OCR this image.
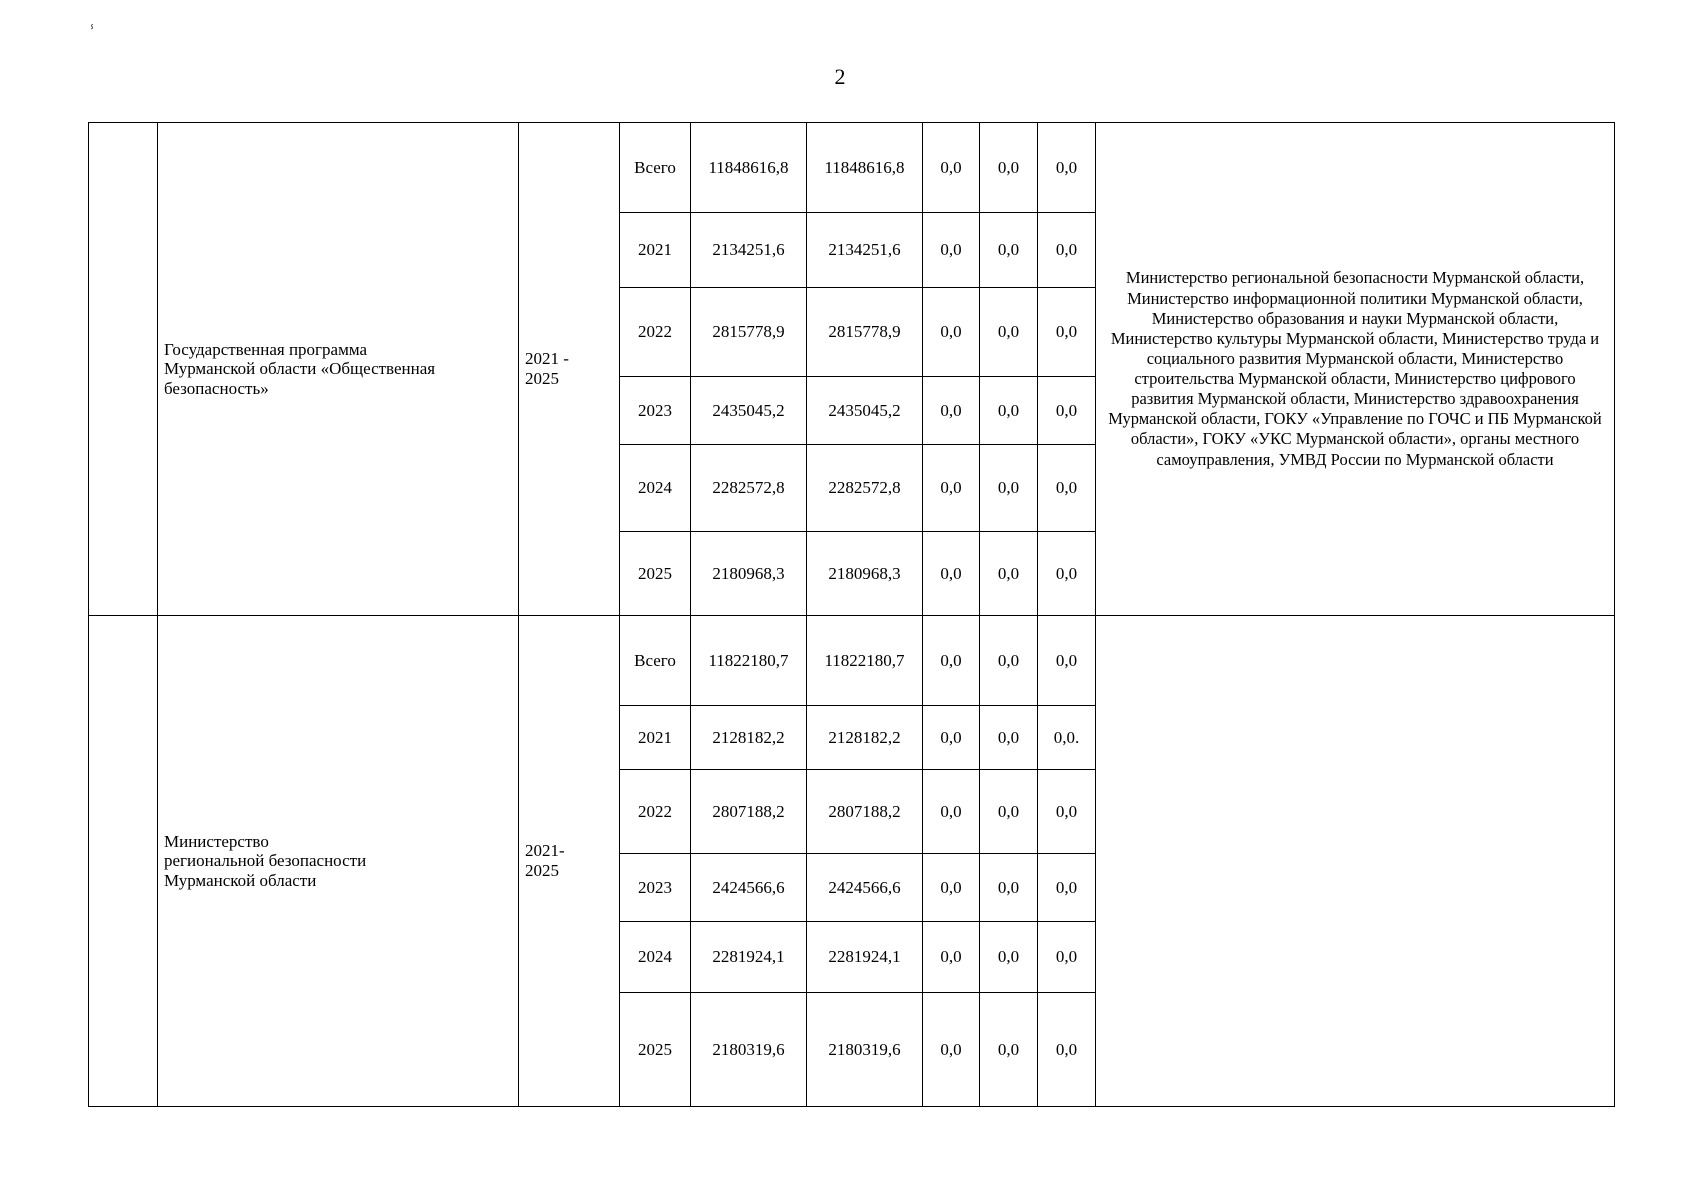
2
ⸯ
	Государственная программа
Мурманской области «Общественная безопасность»	2021 -
2025	Всего	11848616,8	11848616,8	0,0	0,0	0,0	Министерство региональной безопасности Мурманской области, Министерство информационной политики Мурманской области, Министерство образования и науки Мурманской области, Министерство культуры Мурманской области, Министерство труда и социального развития Мурманской области, Министерство строительства Мурманской области, Министерство цифрового развития Мурманской области, Министерство здравоохранения Мурманской области, ГОКУ «Управление по ГОЧС и ПБ Мурманской области», ГОКУ «УКС Мурманской области», органы местного самоуправления, УМВД России по Мурманской области
			2021	2134251,6	2134251,6	0,0	0,0	0,0	
			2022	2815778,9	2815778,9	0,0	0,0	0,0	
			2023	2435045,2	2435045,2	0,0	0,0	0,0	
			2024	2282572,8	2282572,8	0,0	0,0	0,0	
			2025	2180968,3	2180968,3	0,0	0,0	0,0	
	Министерство
региональной безопасности
Мурманской области	2021-
2025	Всего	11822180,7	11822180,7	0,0	0,0	0,0	
			2021	2128182,2	2128182,2	0,0	0,0	0,0.	
			2022	2807188,2	2807188,2	0,0	0,0	0,0	
			2023	2424566,6	2424566,6	0,0	0,0	0,0	
			2024	2281924,1	2281924,1	0,0	0,0	0,0	
			2025	2180319,6	2180319,6	0,0	0,0	0,0	
